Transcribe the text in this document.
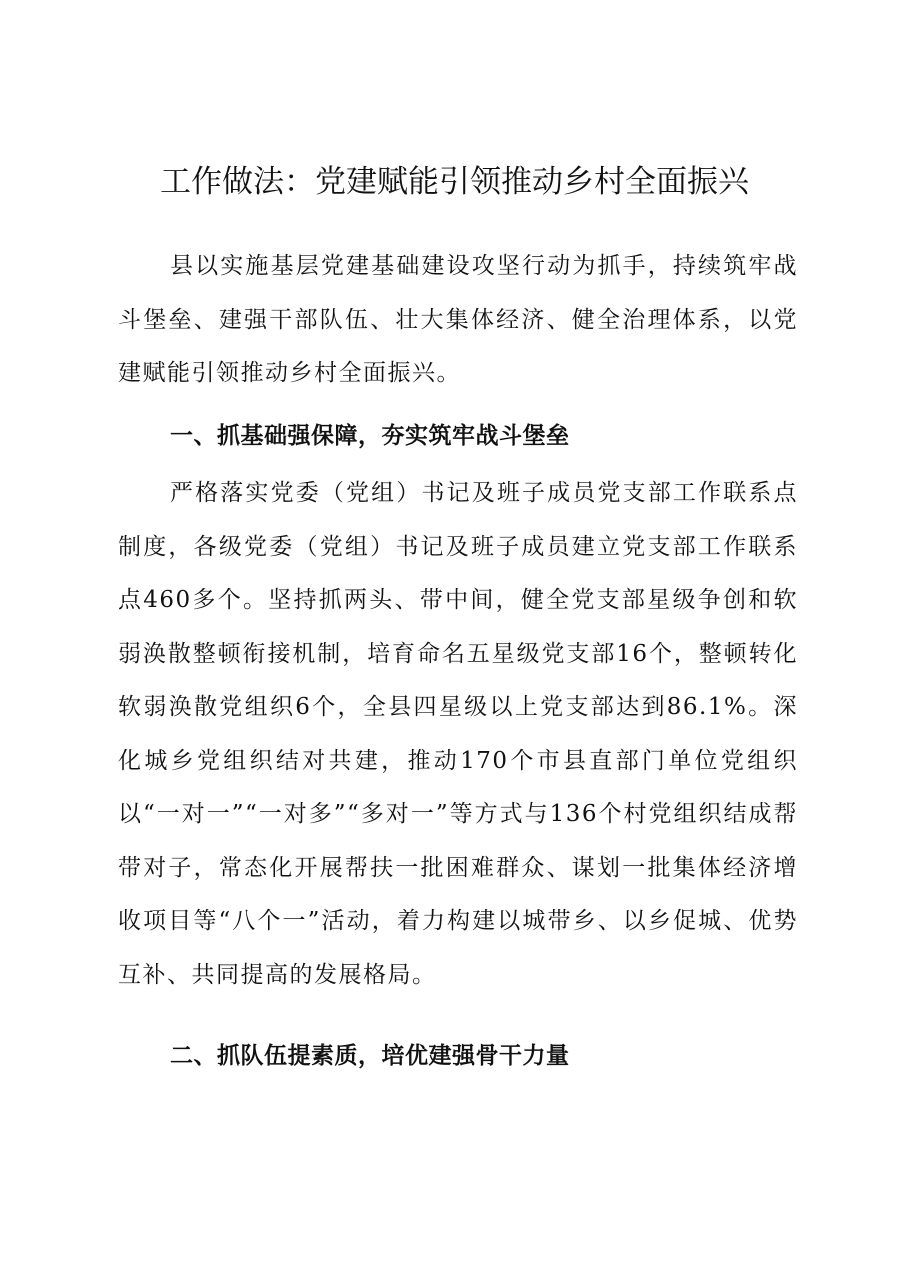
工作做法：党建赋能引领推动乡村全面振兴

县以实施基层党建基础建设攻坚行动为抓手，持续筑牢战斗堡垒、建强干部队伍、壮大集体经济、健全治理体系，以党建赋能引领推动乡村全面振兴。

一、抓基础强保障，夯实筑牢战斗堡垒

严格落实党委（党组）书记及班子成员党支部工作联系点制度，各级党委（党组）书记及班子成员建立党支部工作联系点460多个。坚持抓两头、带中间，健全党支部星级争创和软弱涣散整顿衔接机制，培育命名五星级党支部16个，整顿转化软弱涣散党组织6个，全县四星级以上党支部达到86.1%。深化城乡党组织结对共建，推动170个市县直部门单位党组织以“一对一”“一对多”“多对一”等方式与136个村党组织结成帮带对子，常态化开展帮扶一批困难群众、谋划一批集体经济增收项目等“八个一”活动，着力构建以城带乡、以乡促城、优势互补、共同提高的发展格局。

二、抓队伍提素质，培优建强骨干力量
